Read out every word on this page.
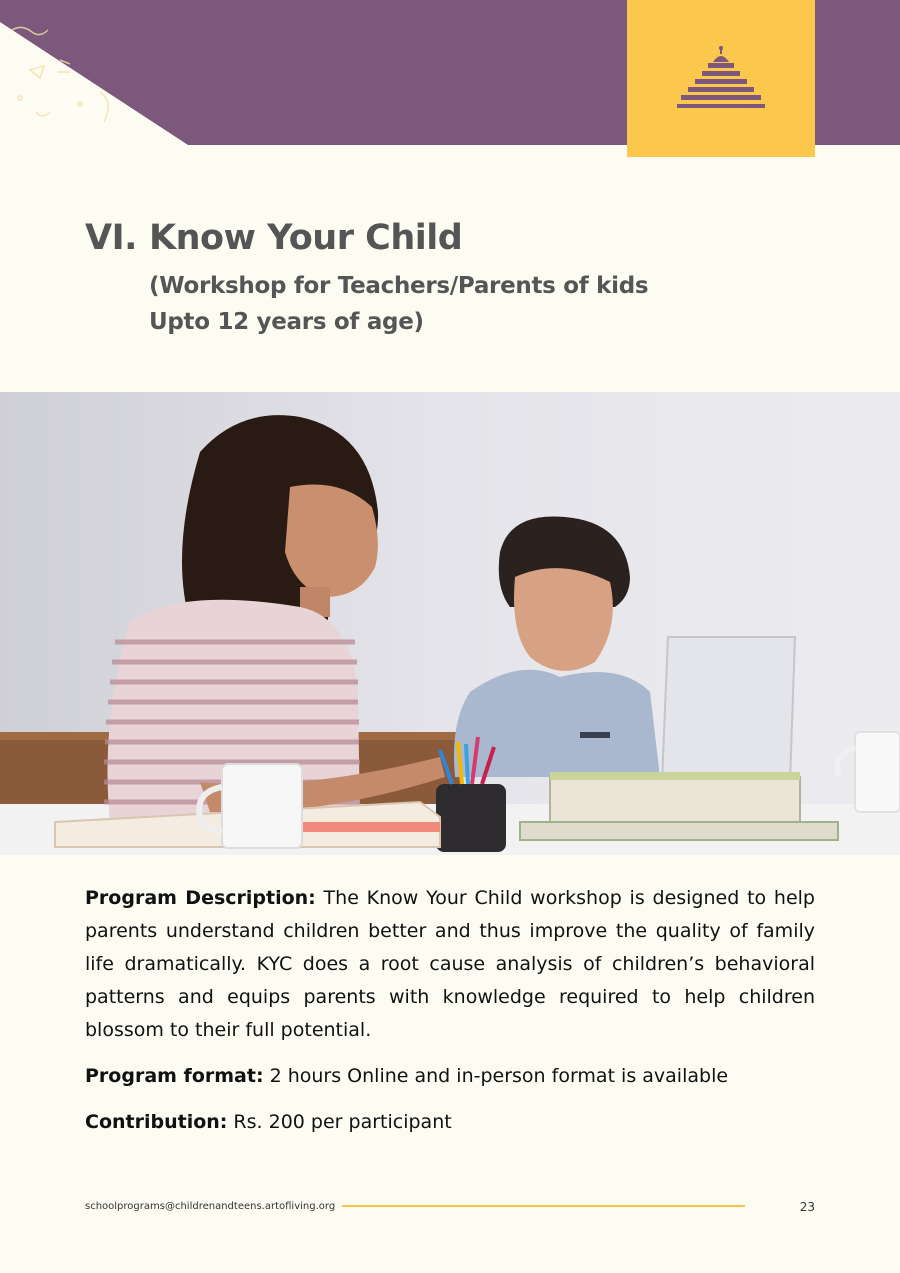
VI. Know Your Child
(Workshop for Teachers/Parents of kids
Upto 12 years of age)

Program Description: The Know Your Child workshop is designed to help parents understand children better and thus improve the quality of family life dramatically. KYC does a root cause analysis of children’s behavioral patterns and equips parents with knowledge required to help children blossom to their full potential.

Program format: 2 hours Online and in-person format is available

Contribution: Rs. 200 per participant

schoolprograms@childrenandteens.artofliving.org	23
